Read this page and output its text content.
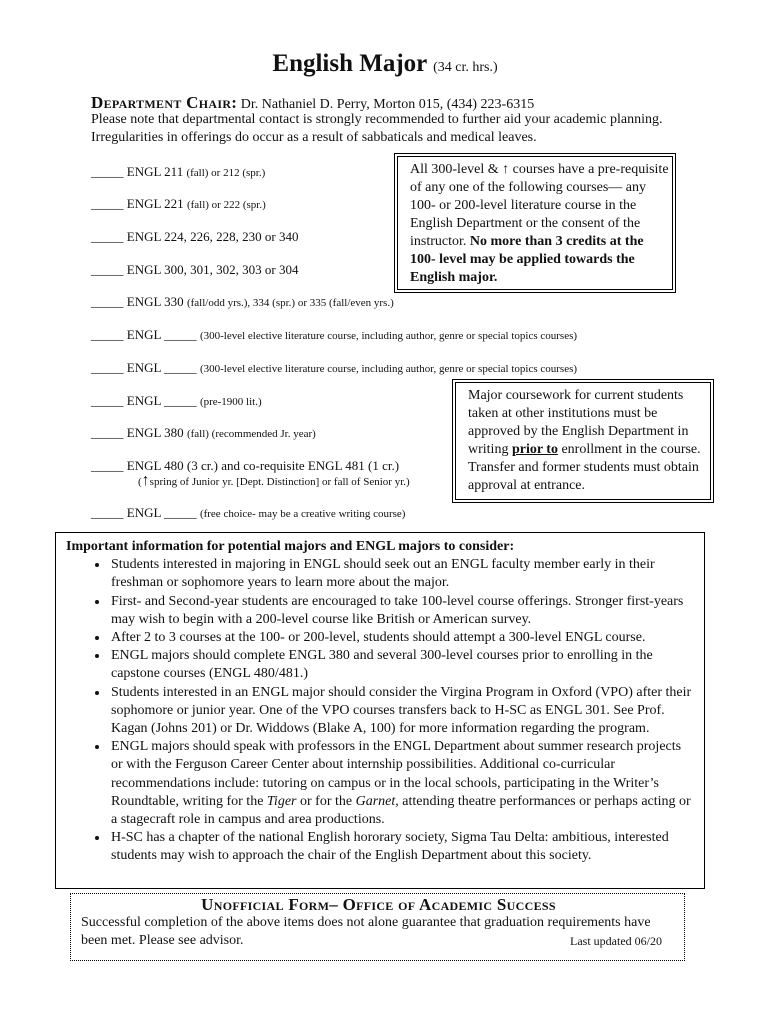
English Major (34 cr. hrs.)
Department Chair: Dr. Nathaniel D. Perry, Morton 015, (434) 223-6315
Please note that departmental contact is strongly recommended to further aid your academic planning. Irregularities in offerings do occur as a result of sabbaticals and medical leaves.
_____ ENGL 211 (fall) or 212 (spr.)
_____ ENGL 221 (fall) or 222 (spr.)
_____ ENGL 224, 226, 228, 230 or 340
_____ ENGL 300, 301, 302, 303 or 304
_____ ENGL 330 (fall/odd yrs.), 334 (spr.) or 335 (fall/even yrs.)
_____ ENGL _____ (300-level elective literature course, including author, genre or special topics courses)
_____ ENGL _____ (300-level elective literature course, including author, genre or special topics courses)
_____ ENGL _____ (pre-1900 lit.)
_____ ENGL 380 (fall) (recommended Jr. year)
_____ ENGL 480 (3 cr.) and co-requisite ENGL 481 (1 cr.)
(↑spring of Junior yr. [Dept. Distinction] or fall of Senior yr.)
_____ ENGL _____ (free choice- may be a creative writing course)
All 300-level & ↑ courses have a pre-requisite of any one of the following courses— any 100- or 200-level literature course in the English Department or the consent of the instructor. No more than 3 credits at the 100- level may be applied towards the English major.
Major coursework for current students taken at other institutions must be approved by the English Department in writing prior to enrollment in the course. Transfer and former students must obtain approval at entrance.
Important information for potential majors and ENGL majors to consider:
• Students interested in majoring in ENGL should seek out an ENGL faculty member early in their freshman or sophomore years to learn more about the major.
• First- and Second-year students are encouraged to take 100-level course offerings. Stronger first-years may wish to begin with a 200-level course like British or American survey.
• After 2 to 3 courses at the 100- or 200-level, students should attempt a 300-level ENGL course.
• ENGL majors should complete ENGL 380 and several 300-level courses prior to enrolling in the capstone courses (ENGL 480/481.)
• Students interested in an ENGL major should consider the Virgina Program in Oxford (VPO) after their sophomore or junior year. One of the VPO courses transfers back to H-SC as ENGL 301. See Prof. Kagan (Johns 201) or Dr. Widdows (Blake A, 100) for more information regarding the program.
• ENGL majors should speak with professors in the ENGL Department about summer research projects or with the Ferguson Career Center about internship possibilities. Additional co-curricular recommendations include: tutoring on campus or in the local schools, participating in the Writer’s Roundtable, writing for the Tiger or for the Garnet, attending theatre performances or perhaps acting or a stagecraft role in campus and area productions.
• H-SC has a chapter of the national English hororary society, Sigma Tau Delta: ambitious, interested students may wish to approach the chair of the English Department about this society.
Unofficial Form– Office of Academic Success
Successful completion of the above items does not alone guarantee that graduation requirements have been met. Please see advisor.	Last updated 06/20
